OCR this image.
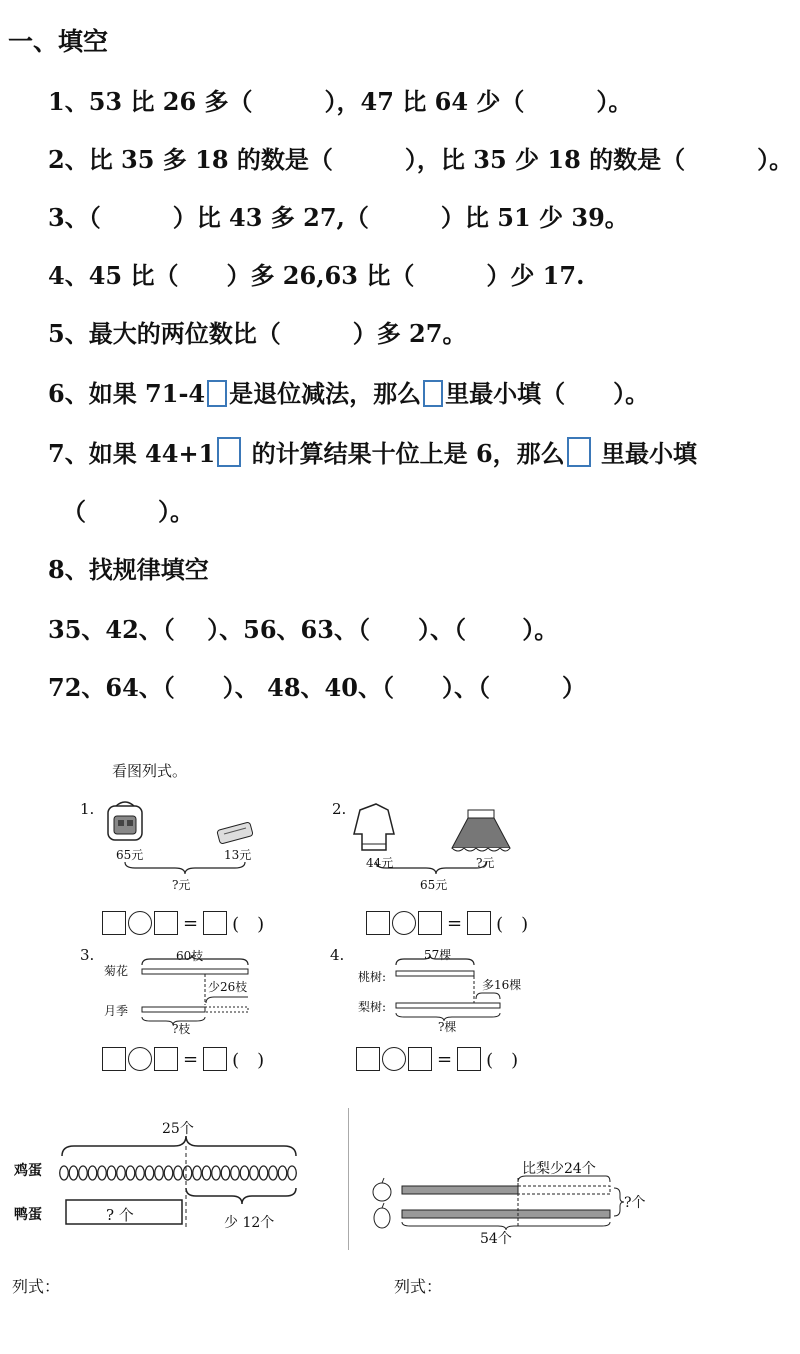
一、填空
1、53 比 26 多（　　　），47 比 64 少（　　　）。
2、比 35 多 18 的数是（　　　），比 35 少 18 的数是（　　　）。
3、（　　　）比 43 多 27,（　　　）比 51 少 39。
4、45 比（　　）多 26,63 比（　　　）少 17.
5、最大的两位数比（　　　）多 27。
6、如果 71-4 是退位减法，那么 里最小填（　　）。
7、如果 44+1 的计算结果十位上是 6，那么 里最小填
（　　　）。
8、找规律填空
35、42、（　 ）、56、63、（　　）、（　　 ）。
72、64、（　　）、 48、40、（　　）、（　　　）
看图列式。
1.
65元	13元
?元
= (　)
2.
44元	?元
65元
= (　)
3.	60枝
菊花
月季
少26枝
?枝
= (　)
4.	57棵
桃树:
梨树:
多16棵
?棵
= (　)
25个
鸡蛋
鸭蛋	? 个	少 12个
比梨少24个
?个
54个
列式：	列式：
